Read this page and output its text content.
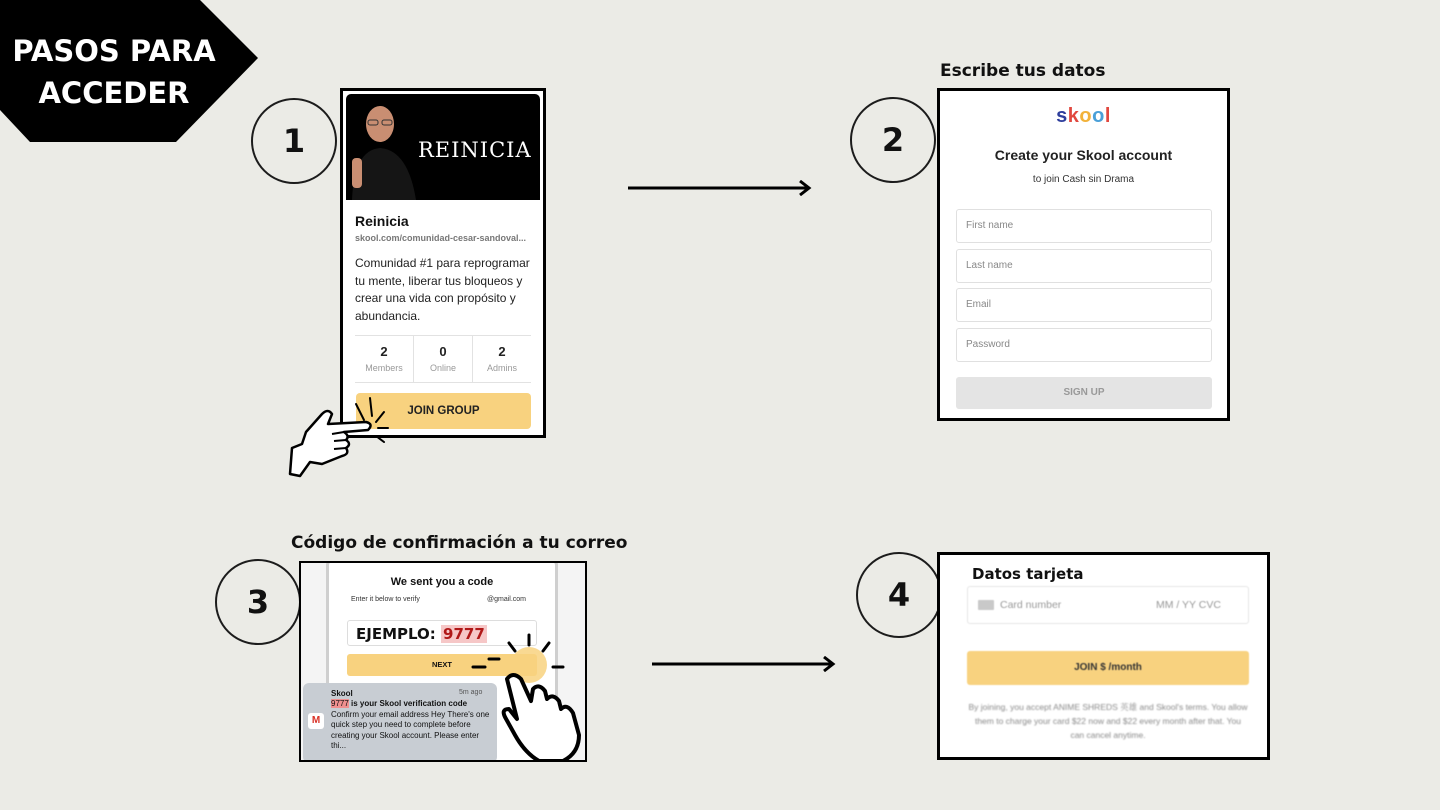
PASOS PARA
ACCEDER
1	2
3	4
Escribe tus datos
Código de confirmación a tu correo
REINICIA
Reinicia
skool.com/comunidad-cesar-sandoval...
Comunidad #1 para reprogramar tu mente, liberar tus bloqueos y crear una vida con propósito y abundancia.
2
Members
0
Online
2
Admins
JOIN GROUP
skool
Create your Skool account
to join Cash sin Drama
First name
Last name
Email
Password
SIGN UP
We sent you a code
Enter it below to verify	@gmail.com
EJEMPLO: 9777
NEXT
M
Skool	5m ago
9777 is your Skool verification code
Confirm your email address Hey There's one quick step you need to complete before creating your Skool account. Please enter thi...
Datos tarjeta
Card number	MM / YY CVC
JOIN $ /month
By joining, you accept ANIME SHREDS 英雄 and Skool's terms. You allow them to charge your card $22 now and $22 every month after that. You can cancel anytime.
